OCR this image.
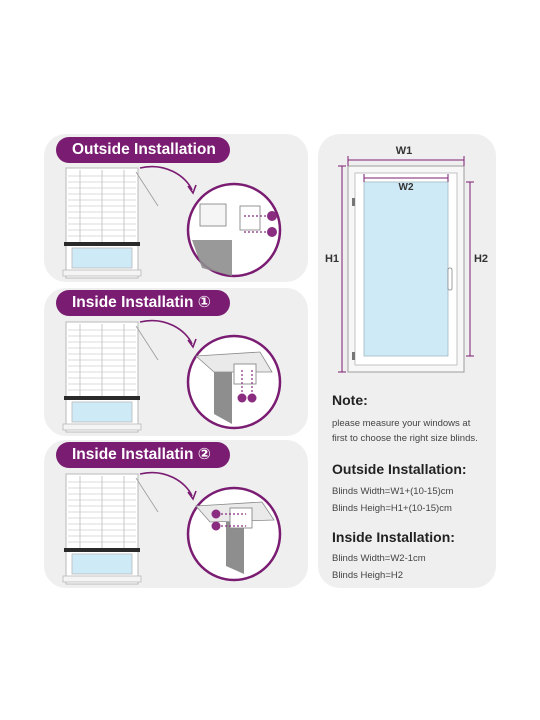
W1
W2
H1	H2
Outside Installation
Inside Installatin ①
Inside Installatin ②
Note:
please measure your windows at
first to choose the right size blinds.
Outside Installation:
Blinds Width=W1+(10-15)cm
Blinds Heigh=H1+(10-15)cm
Inside Installation:
Blinds Width=W2-1cm
Blinds Heigh=H2
